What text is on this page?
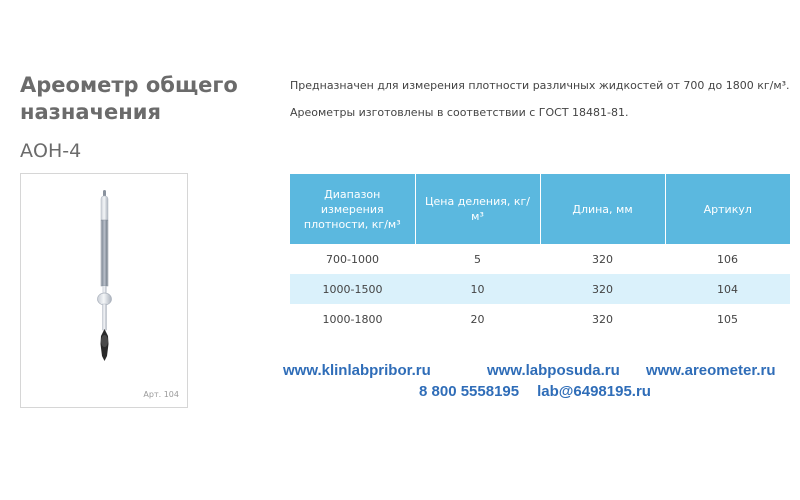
Ареометр общего назначения
АОН-4
Арт. 104

Предназначен для измерения плотности различных жидкостей от 700 до 1800 кг/м³.

Ареометры изготовлены в соответствии с ГОСТ 18481-81.

Диапазон измерения плотности, кг/м³	Цена деления, кг/м³	Длина, мм	Артикул
700-1000	5	320	106
1000-1500	10	320	104
1000-1800	20	320	105
www.klinlabpribor.ru	www.labposuda.ru www.areometer.ru
8 800 5558195 lab@6498195.ru
